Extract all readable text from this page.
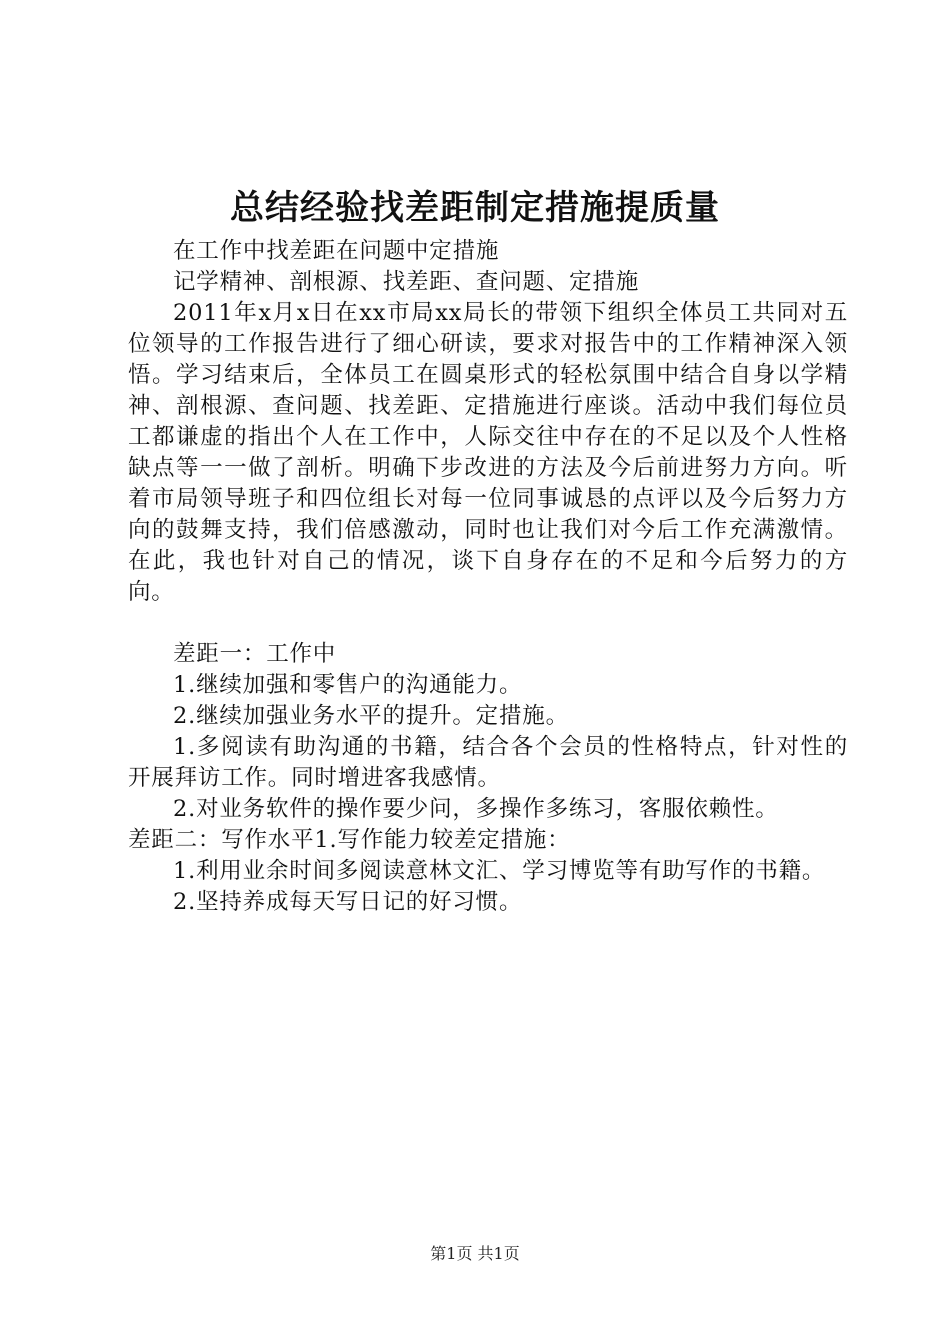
总结经验找差距制定措施提质量

在工作中找差距在问题中定措施

记学精神、剖根源、找差距、查问题、定措施

2011年x月x日在xx市局xx局长的带领下组织全体员工共同对五位领导的工作报告进行了细心研读，要求对报告中的工作精神深入领悟。学习结束后，全体员工在圆桌形式的轻松氛围中结合自身以学精神、剖根源、查问题、找差距、定措施进行座谈。活动中我们每位员工都谦虚的指出个人在工作中，人际交往中存在的不足以及个人性格缺点等一一做了剖析。明确下步改进的方法及今后前进努力方向。听着市局领导班子和四位组长对每一位同事诚恳的点评以及今后努力方向的鼓舞支持，我们倍感激动，同时也让我们对今后工作充满激情。在此，我也针对自己的情况，谈下自身存在的不足和今后努力的方向。

差距一：工作中

1.继续加强和零售户的沟通能力。

2.继续加强业务水平的提升。定措施。

1.多阅读有助沟通的书籍，结合各个会员的性格特点，针对性的开展拜访工作。同时增进客我感情。

2.对业务软件的操作要少问，多操作多练习，客服依赖性。

差距二：写作水平1.写作能力较差定措施：

1.利用业余时间多阅读意林文汇、学习博览等有助写作的书籍。

2.坚持养成每天写日记的好习惯。

第1页 共1页
